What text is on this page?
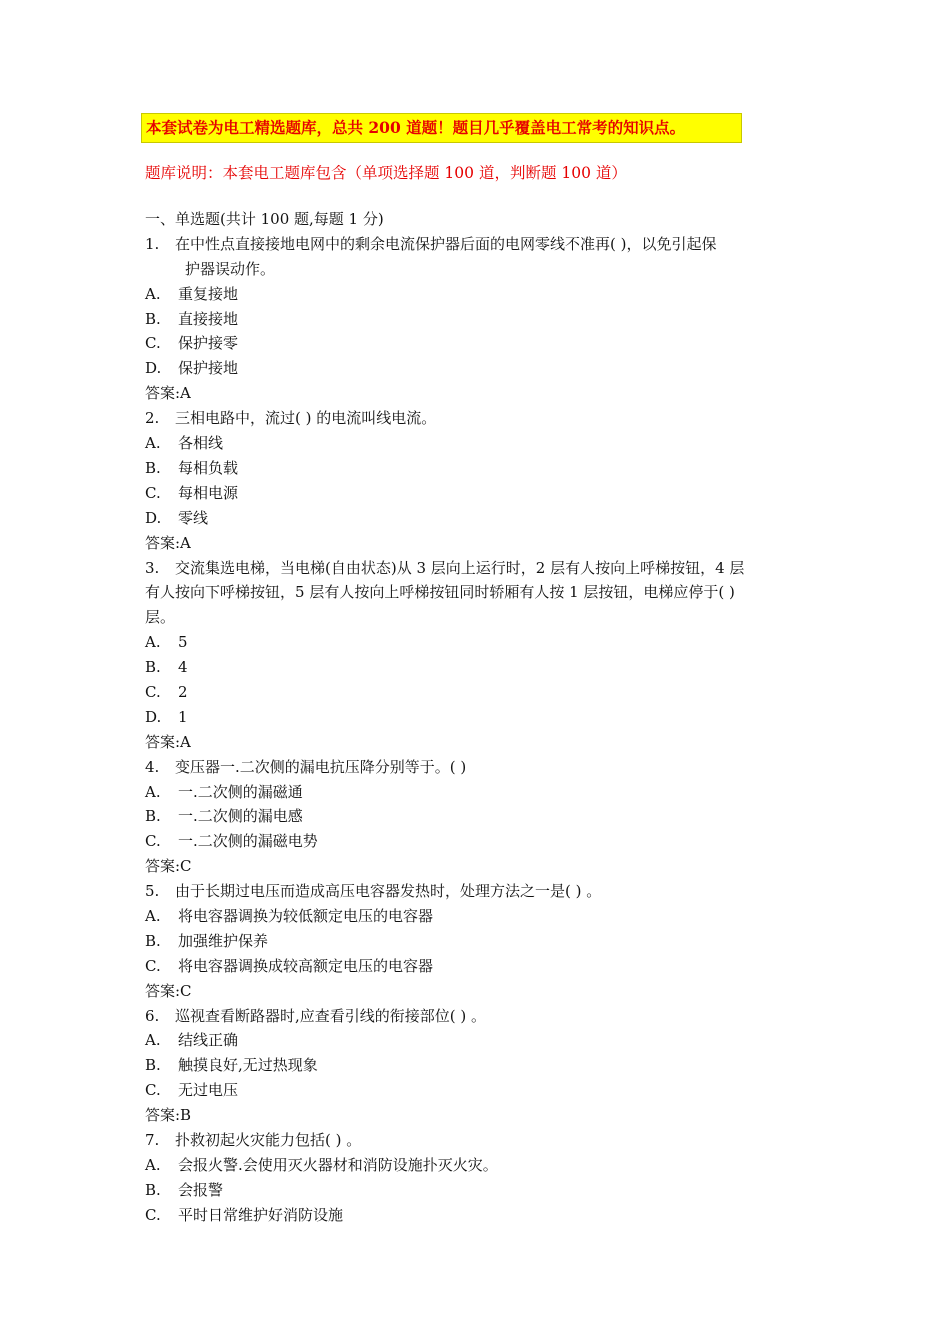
本套试卷为电工精选题库，总共 200 道题！题目几乎覆盖电工常考的知识点。
题库说明：本套电工题库包含（单项选择题 100 道，判断题 100 道）
一、单选题(共计 100 题,每题 1 分)
1.	在中性点直接接地电网中的剩余电流保护器后面的电网零线不准再( )，以免引起保
护器误动作。
A.	重复接地
B.	直接接地
C.	保护接零
D.	保护接地
答案:A
2.	三相电路中，流过( ) 的电流叫线电流。
A.	各相线
B.	每相负载
C.	每相电源
D.	零线
答案:A
3.	交流集选电梯，当电梯(自由状态)从 3 层向上运行时，2 层有人按向上呼梯按钮，4 层
有人按向下呼梯按钮，5 层有人按向上呼梯按钮同时轿厢有人按 1 层按钮，电梯应停于( )
层。
A.	5
B.	4
C.	2
D.	1
答案:A
4.	变压器一.二次侧的漏电抗压降分别等于。( )
A.	一.二次侧的漏磁通
B.	一.二次侧的漏电感
C.	一.二次侧的漏磁电势
答案:C
5.	由于长期过电压而造成高压电容器发热时，处理方法之一是( ) 。
A.	将电容器调换为较低额定电压的电容器
B.	加强维护保养
C.	将电容器调换成较高额定电压的电容器
答案:C
6.	巡视查看断路器时,应查看引线的衔接部位( ) 。
A.	结线正确
B.	触摸良好,无过热现象
C.	无过电压
答案:B
7.	扑救初起火灾能力包括( ) 。
A.	会报火警.会使用灭火器材和消防设施扑灭火灾。
B.	会报警
C.	平时日常维护好消防设施
